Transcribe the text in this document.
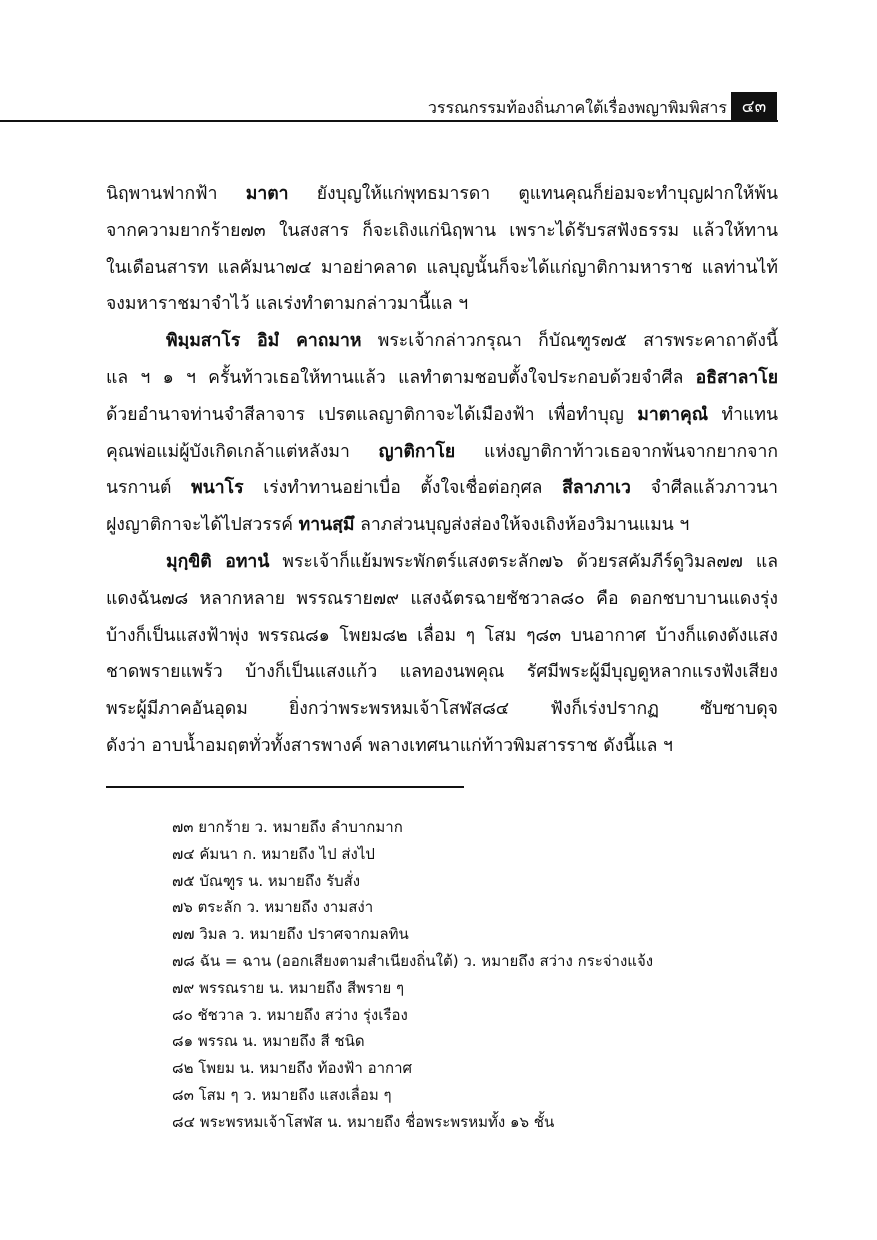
วรรณกรรมท้องถิ่นภาคใต้เรื่องพญาพิมพิสาร ๔๓
นิฤพานฟากฟ้า มาตา ยังบุญให้แก่พุทธมารดา ตูแทนคุณก็ย่อมจะทำบุญฝากให้พ้น
จากความยากร้าย๗๓ ในสงสาร ก็จะเถิงแก่นิฤพาน เพราะได้รับรสฟังธรรม แล้วให้ทาน
ในเดือนสารท แลคัมนา๗๔ มาอย่าคลาด แลบุญนั้นก็จะได้แก่ญาติกามหาราช แลท่านไท้
จงมหาราชมาจำไว้ แลเร่งทำตามกล่าวมานี้แล ฯ
พิมฺมสาโร อิมํ คาถมาห พระเจ้ากล่าวกรุณา ก็บัณฑูร๗๕ สารพระคาถาดังนี้
แล ฯ ๑ ฯ ครั้นท้าวเธอให้ทานแล้ว แลทำตามชอบตั้งใจประกอบด้วยจำศีล อธิสาลาโย
ด้วยอำนาจท่านจำสีลาจาร เปรตแลญาติกาจะได้เมืองฟ้า เพื่อทำบุญ มาตาคุณํ ทำแทน
คุณพ่อแม่ผู้บังเกิดเกล้าแต่หลังมา ญาติกาโย แห่งญาติกาท้าวเธอจากพ้นจากยากจาก
นรกานต์ พนาโร เร่งทำทานอย่าเบื่อ ตั้งใจเชื่อต่อกุศล สีลาภาเว จำศีลแล้วภาวนา
ฝูงญาติกาจะได้ไปสวรรค์ ทานสฺมึ ลาภส่วนบุญส่งส่องให้จงเถิงห้องวิมานแมน ฯ
มุกฺขิติ อทานํ พระเจ้าก็แย้มพระพักตร์แสงตระลัก๗๖ ด้วยรสคัมภีร์ดูวิมล๗๗ แล
แดงฉัน๗๘ หลากหลาย พรรณราย๗๙ แสงฉัตรฉายชัชวาล๘๐ คือ ดอกชบาบานแดงรุ่ง
บ้างก็เป็นแสงฟ้าพุ่ง พรรณ๘๑ โพยม๘๒ เลื่อม ๆ โสม ๆ๘๓ บนอากาศ บ้างก็แดงดังแสง
ชาดพรายแพร้ว บ้างก็เป็นแสงแก้ว แลทองนพคุณ รัศมีพระผู้มีบุญดูหลากแรงฟังเสียง
พระผู้มีภาคอันอุดม ยิ่งกว่าพระพรหมเจ้าโสฬส๘๔ ฟังก็เร่งปรากฏ ซับซาบดุจ
ดังว่า อาบน้ำอมฤตทั่วทั้งสารพางค์ พลางเทศนาแก่ท้าวพิมสารราช ดังนี้แล ฯ
๗๓ ยากร้าย ว. หมายถึง ลำบากมาก
๗๔ คัมนา ก. หมายถึง ไป ส่งไป
๗๕ บัณฑูร น. หมายถึง รับสั่ง
๗๖ ตระลัก ว. หมายถึง งามสง่า
๗๗ วิมล ว. หมายถึง ปราศจากมลทิน
๗๘ ฉัน = ฉาน (ออกเสียงตามสำเนียงถิ่นใต้) ว. หมายถึง สว่าง กระจ่างแจ้ง
๗๙ พรรณราย น. หมายถึง สีพราย ๆ
๘๐ ชัชวาล ว. หมายถึง สว่าง รุ่งเรือง
๘๑ พรรณ น. หมายถึง สี ชนิด
๘๒ โพยม น. หมายถึง ท้องฟ้า อากาศ
๘๓ โสม ๆ ว. หมายถึง แสงเลื่อม ๆ
๘๔ พระพรหมเจ้าโสฬส น. หมายถึง ชื่อพระพรหมทั้ง ๑๖ ชั้น
